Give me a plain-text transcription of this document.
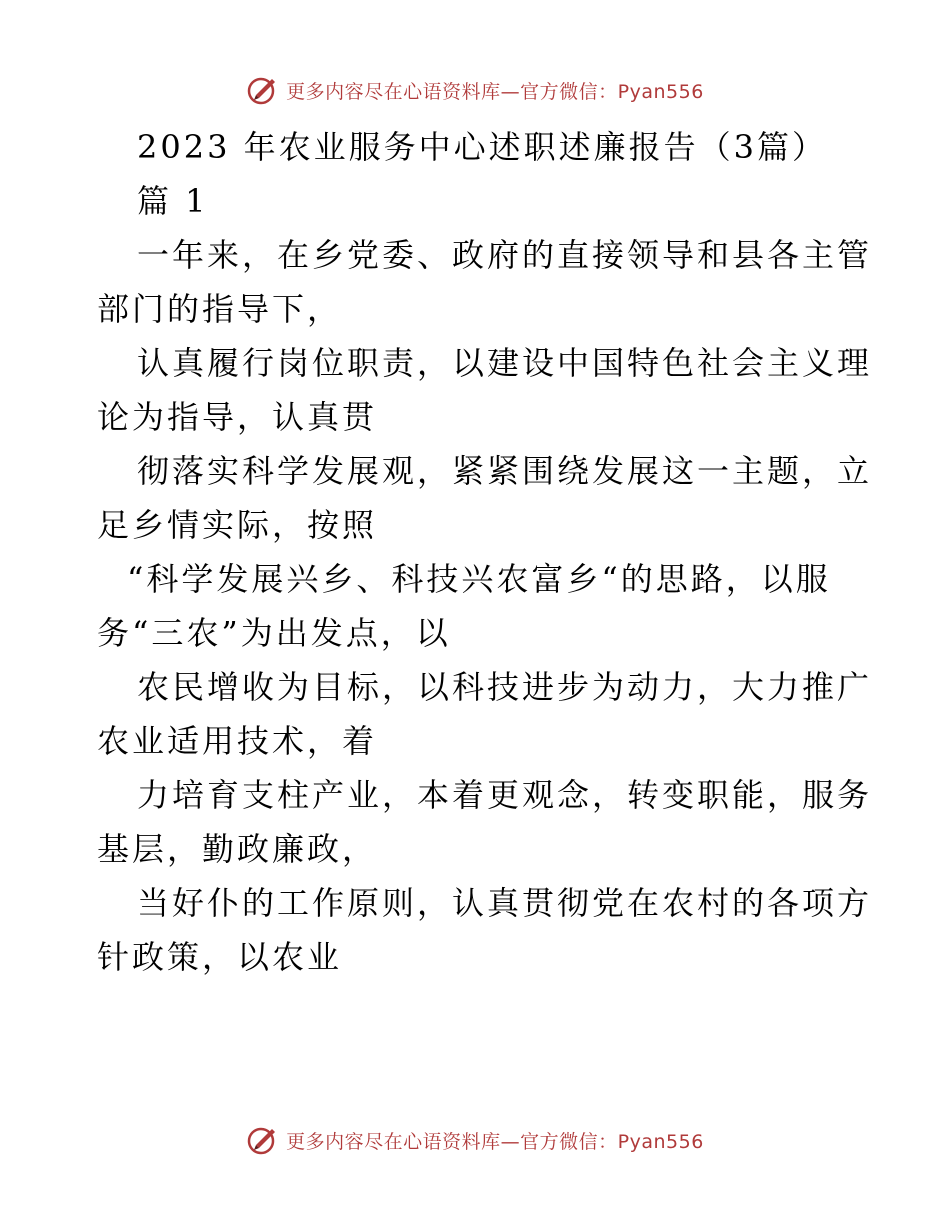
更多内容尽在心语资料库—官方微信：Pyan556
2023 年农业服务中心述职述廉报告（3篇）
篇 1
一年来，在乡党委、政府的直接领导和县各主管
部门的指导下，
认真履行岗位职责，以建设中国特色社会主义理
论为指导，认真贯
彻落实科学发展观，紧紧围绕发展这一主题，立
足乡情实际，按照
“科学发展兴乡、科技兴农富乡“的思路，以服
务“三农”为出发点，以
农民增收为目标，以科技进步为动力，大力推广
农业适用技术，着
力培育支柱产业，本着更观念，转变职能，服务
基层，勤政廉政，
当好仆的工作原则，认真贯彻党在农村的各项方
针政策，以农业
更多内容尽在心语资料库—官方微信：Pyan556
